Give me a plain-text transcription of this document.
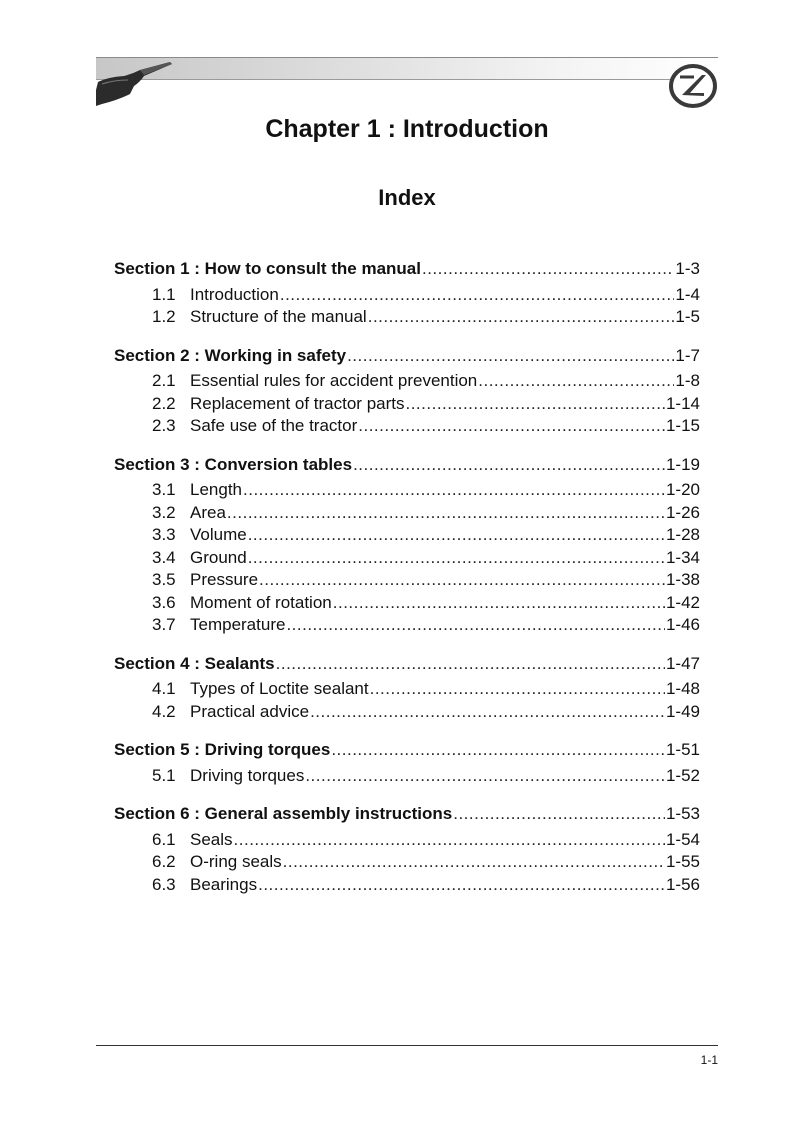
Chapter 1 : Introduction
Index
Section 1 : How to consult the manual .....	1-3
1.1 Introduction .....	1-4
1.2 Structure of the manual .....	1-5
Section 2 : Working in safety .....	1-7
2.1 Essential rules for accident prevention .....	1-8
2.2 Replacement of tractor parts .....	1-14
2.3 Safe use of the tractor .....	1-15
Section 3 : Conversion tables .....	1-19
3.1 Length .....	1-20
3.2 Area .....	1-26
3.3 Volume .....	1-28
3.4 Ground .....	1-34
3.5 Pressure .....	1-38
3.6 Moment of rotation .....	1-42
3.7 Temperature .....	1-46
Section 4 : Sealants .....	1-47
4.1 Types of Loctite sealant .....	1-48
4.2 Practical advice .....	1-49
Section 5 : Driving torques .....	1-51
5.1 Driving torques .....	1-52
Section 6 : General assembly instructions .....	1-53
6.1 Seals .....	1-54
6.2 O-ring seals .....	1-55
6.3 Bearings .....	1-56
1-1
